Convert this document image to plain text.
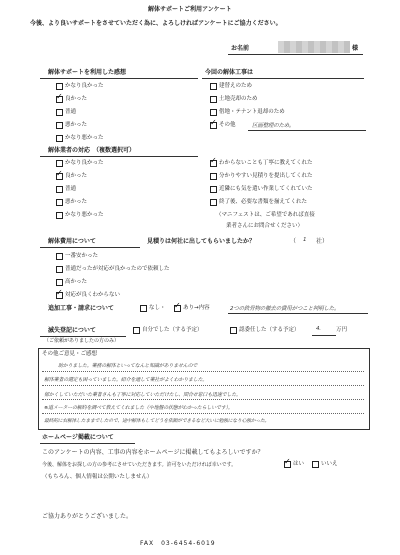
解体サポートご利用アンケート
今後、より良いサポートをさせていただく為に、よろしければアンケートにご協力ください。
お名前	様
解体サポートを利用した感想
かなり良かった
✓
良かった
普通
悪かった
かなり悪かった
今回の解体工事は
建替えのため
土地売却のため
借地・テナント退却のため
✓
その他	区画整理のため。
解体業者の対応　（複数選択可）
かなり良かった
✓
良かった
普通
悪かった
かなり悪かった
✓
わからないことも丁寧に教えてくれた
分かりやすい見積りを提出してくれた
近隣にも気を遣い作業してくれていた
終了後、必要な書類を揃えてくれた
（マニフェストは、ご希望であれば直接
業者さんにお問合せください）
解体費用について	見積りは何社に出してもらいましたか？	（ 1 社）
一番安かった
普通だったが対応が良かったので依頼した
高かった
✓
対応が良くわからない
追加工事・請求について	なし・ ✓	あり→内容	2つの鉄骨物の撤去の費用がつこと判明した。
滅失登記について
（ご依頼がありましたの方のみ）
自分でした（する予定）	認委任した（する予定）	4.	万円
その他ご意見・ご感想
助かりました。業務の解体といってなんと知識がありませんので
解体業者の選定も困っていました。紹介を通して業社がよくわかりました。
郁かくしていただいた業者さんも丁寧に対応していただけたし、問合せ窓口も迅速でした。
※道メーターの解約を調べて教えてくれました（や地盤の状態がわかったらしいです）。
最終的に右解体したままでしたので、途中解体もしてどうを依頼ができるなど大いに勉強になり心強かった。
ホームページ掲載について
このアンケートの内容、工事の内容をホームページに掲載してもよろしいですか？
今後、解体をお探しの方の参考にさせていただきます。許可をいただければ幸いです。 ✓	はい	いいえ
（もちろん、個人情報は公開いたしません）
ご協力ありがとうございました。
FAX　03-6454-6019
